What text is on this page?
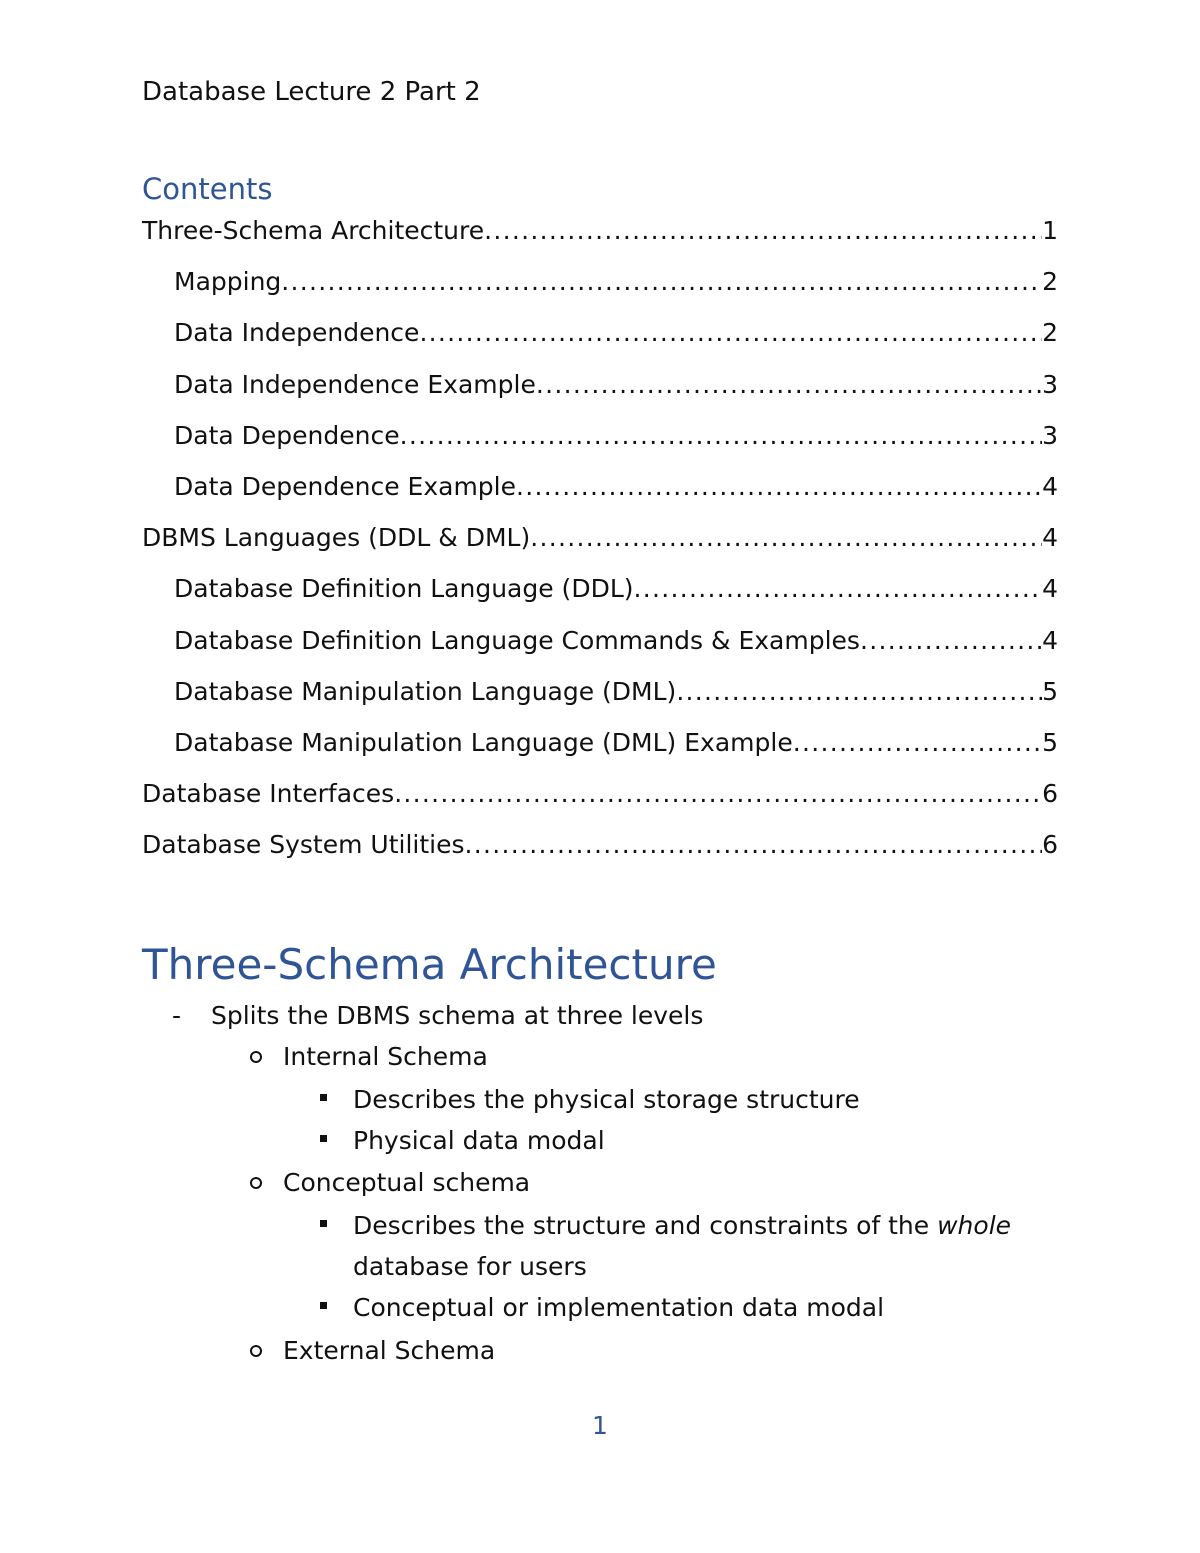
Database Lecture 2 Part 2
Contents
Three-Schema Architecture .....	1
Mapping .....	2
Data Independence .....	2
Data Independence Example .....	3
Data Dependence .....	3
Data Dependence Example .....	4
DBMS Languages (DDL & DML) .....	4
Database Definition Language (DDL) .....	4
Database Definition Language Commands & Examples .....	4
Database Manipulation Language (DML) .....	5
Database Manipulation Language (DML) Example .....	5
Database Interfaces .....	6
Database System Utilities .....	6
Three-Schema Architecture
- Splits the DBMS schema at three levels
Internal Schema
Describes the physical storage structure
Physical data modal
Conceptual schema
Describes the structure and constraints of the whole
database for users
Conceptual or implementation data modal
External Schema
1
